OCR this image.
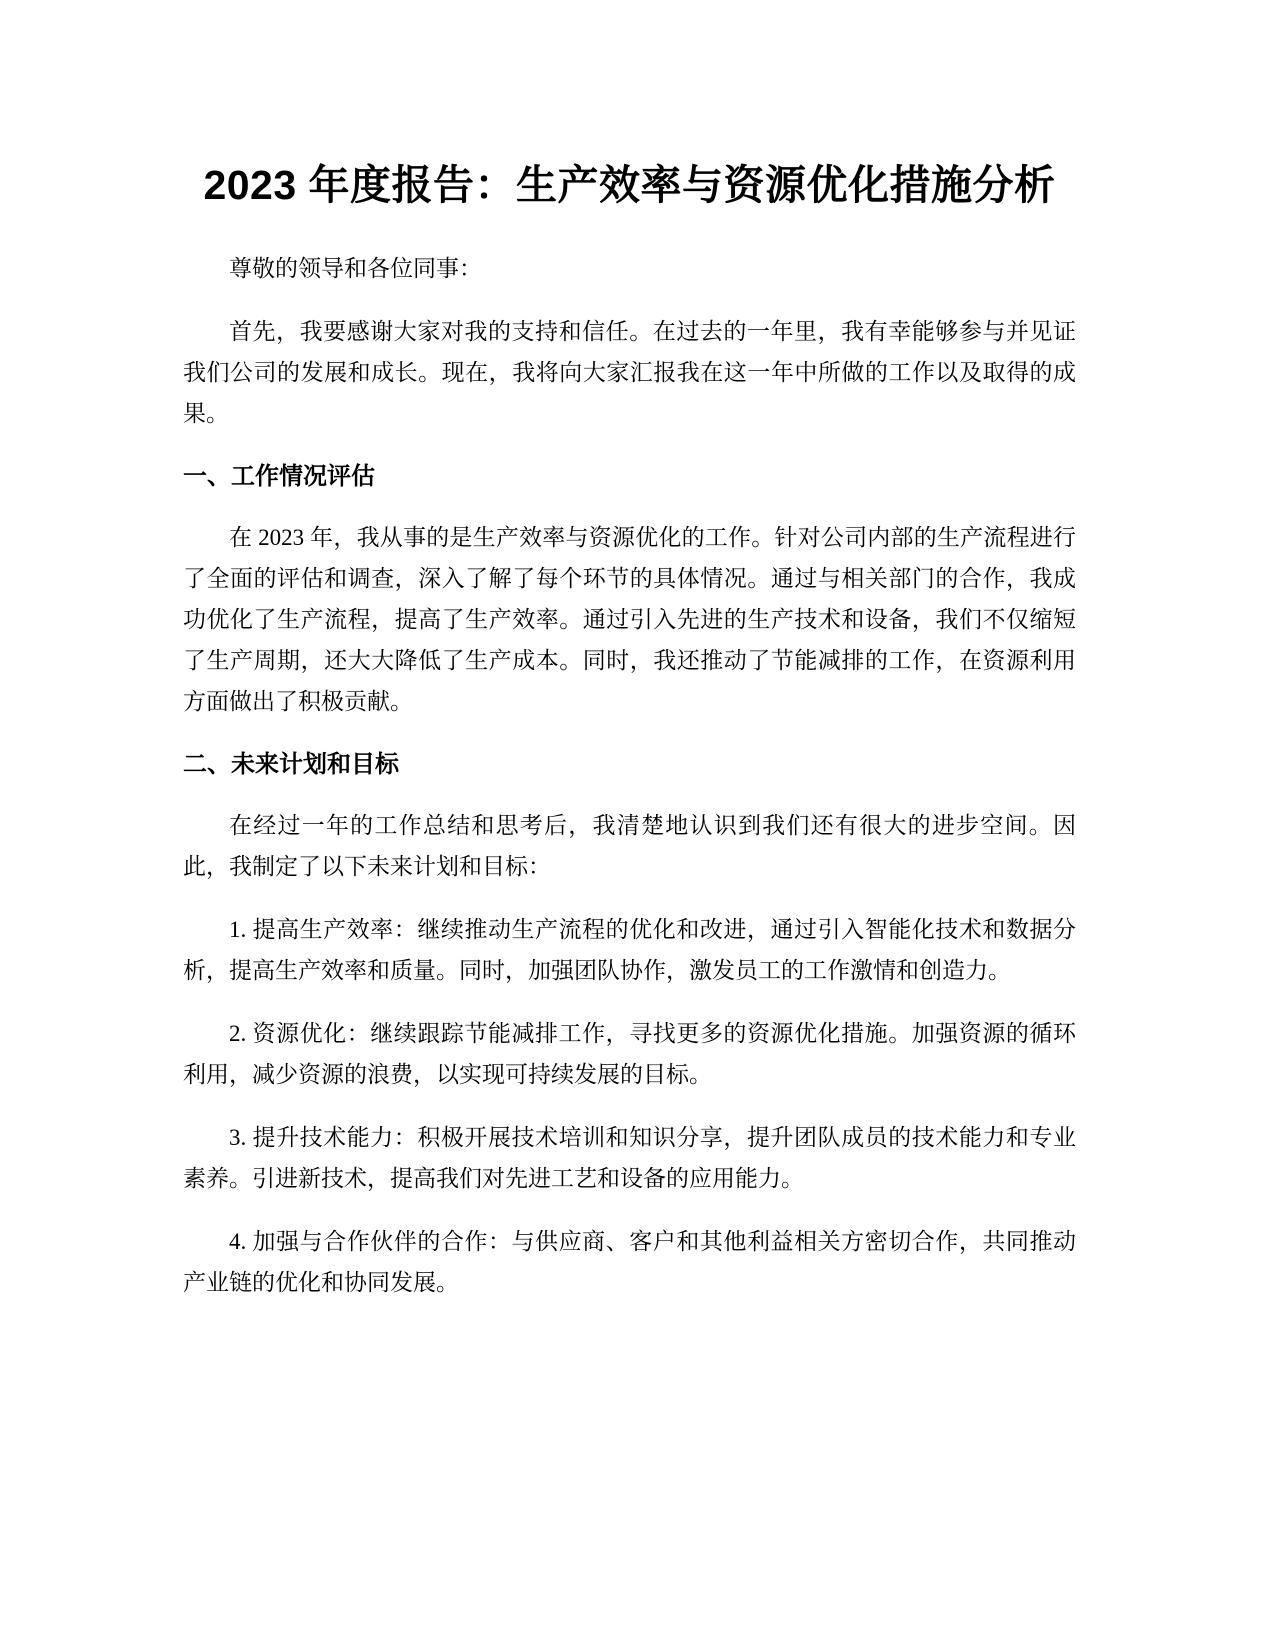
2023 年度报告：生产效率与资源优化措施分析

尊敬的领导和各位同事：

首先，我要感谢大家对我的支持和信任。在过去的一年里，我有幸能够参与并见证我们公司的发展和成长。现在，我将向大家汇报我在这一年中所做的工作以及取得的成果。

一、工作情况评估

在 2023 年，我从事的是生产效率与资源优化的工作。针对公司内部的生产流程进行了全面的评估和调查，深入了解了每个环节的具体情况。通过与相关部门的合作，我成功优化了生产流程，提高了生产效率。通过引入先进的生产技术和设备，我们不仅缩短了生产周期，还大大降低了生产成本。同时，我还推动了节能减排的工作，在资源利用方面做出了积极贡献。

二、未来计划和目标

在经过一年的工作总结和思考后，我清楚地认识到我们还有很大的进步空间。因此，我制定了以下未来计划和目标：

1. 提高生产效率：继续推动生产流程的优化和改进，通过引入智能化技术和数据分析，提高生产效率和质量。同时，加强团队协作，激发员工的工作激情和创造力。

2. 资源优化：继续跟踪节能减排工作，寻找更多的资源优化措施。加强资源的循环利用，减少资源的浪费，以实现可持续发展的目标。

3. 提升技术能力：积极开展技术培训和知识分享，提升团队成员的技术能力和专业素养。引进新技术，提高我们对先进工艺和设备的应用能力。

4. 加强与合作伙伴的合作：与供应商、客户和其他利益相关方密切合作，共同推动产业链的优化和协同发展。
